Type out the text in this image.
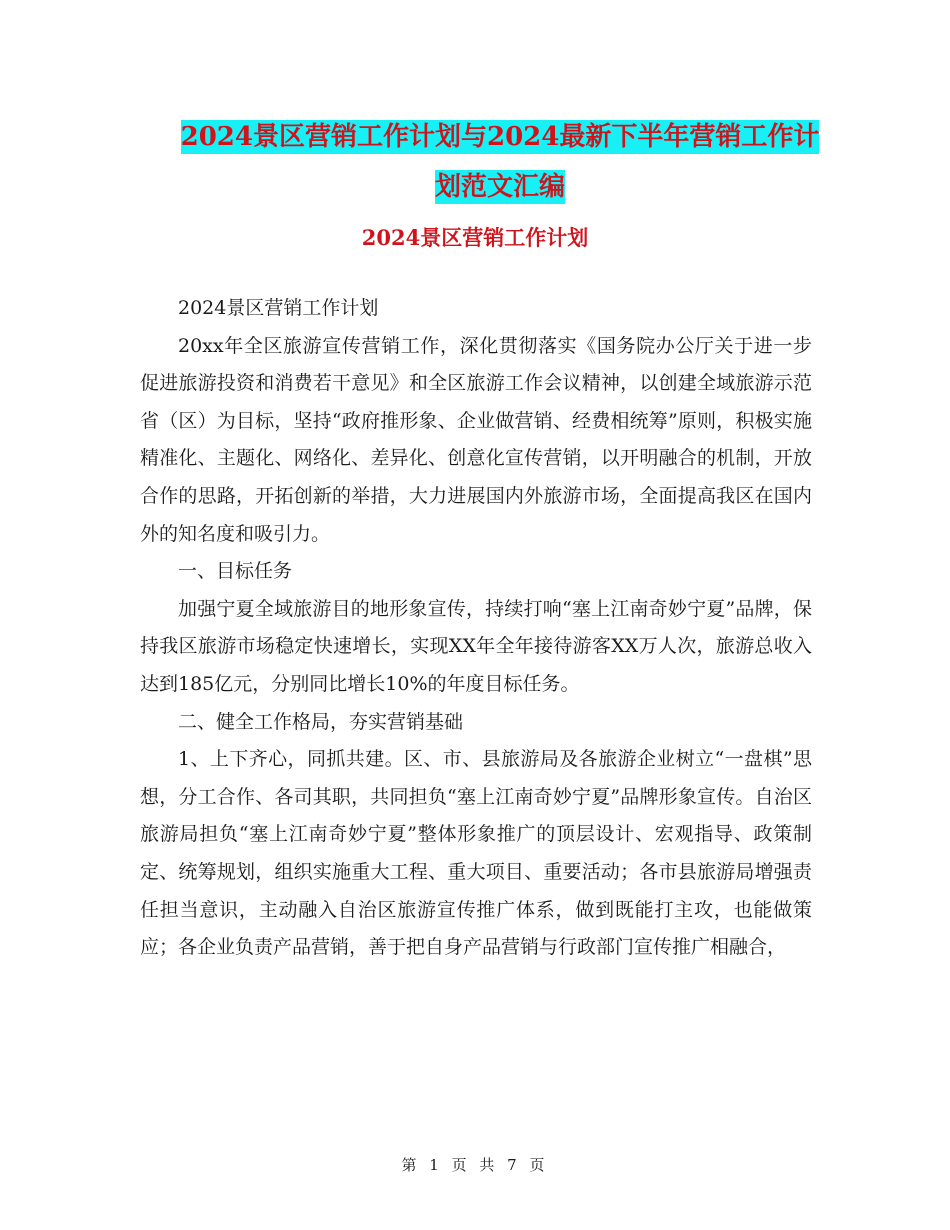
2024景区营销工作计划与2024最新下半年营销工作计
划范文汇编
2024景区营销工作计划

2024景区营销工作计划

20xx年全区旅游宣传营销工作，深化贯彻落实《国务院办公厅关于进一步促进旅游投资和消费若干意见》和全区旅游工作会议精神，以创建全域旅游示范省（区）为目标，坚持“政府推形象、企业做营销、经费相统筹”原则，积极实施精准化、主题化、网络化、差异化、创意化宣传营销，以开明融合的机制，开放合作的思路，开拓创新的举措，大力进展国内外旅游市场，全面提高我区在国内外的知名度和吸引力。

一、目标任务

加强宁夏全域旅游目的地形象宣传，持续打响“塞上江南奇妙宁夏”品牌，保持我区旅游市场稳定快速增长，实现XX年全年接待游客XX万人次，旅游总收入达到185亿元，分别同比增长10%的年度目标任务。

二、健全工作格局，夯实营销基础

1、上下齐心，同抓共建。区、市、县旅游局及各旅游企业树立“一盘棋”思想，分工合作、各司其职，共同担负“塞上江南奇妙宁夏”品牌形象宣传。自治区旅游局担负“塞上江南奇妙宁夏”整体形象推广的顶层设计、宏观指导、政策制定、统筹规划，组织实施重大工程、重大项目、重要活动；各市县旅游局增强责任担当意识，主动融入自治区旅游宣传推广体系，做到既能打主攻，也能做策应；各企业负责产品营销，善于把自身产品营销与行政部门宣传推广相融合，

第 1 页 共 7 页
